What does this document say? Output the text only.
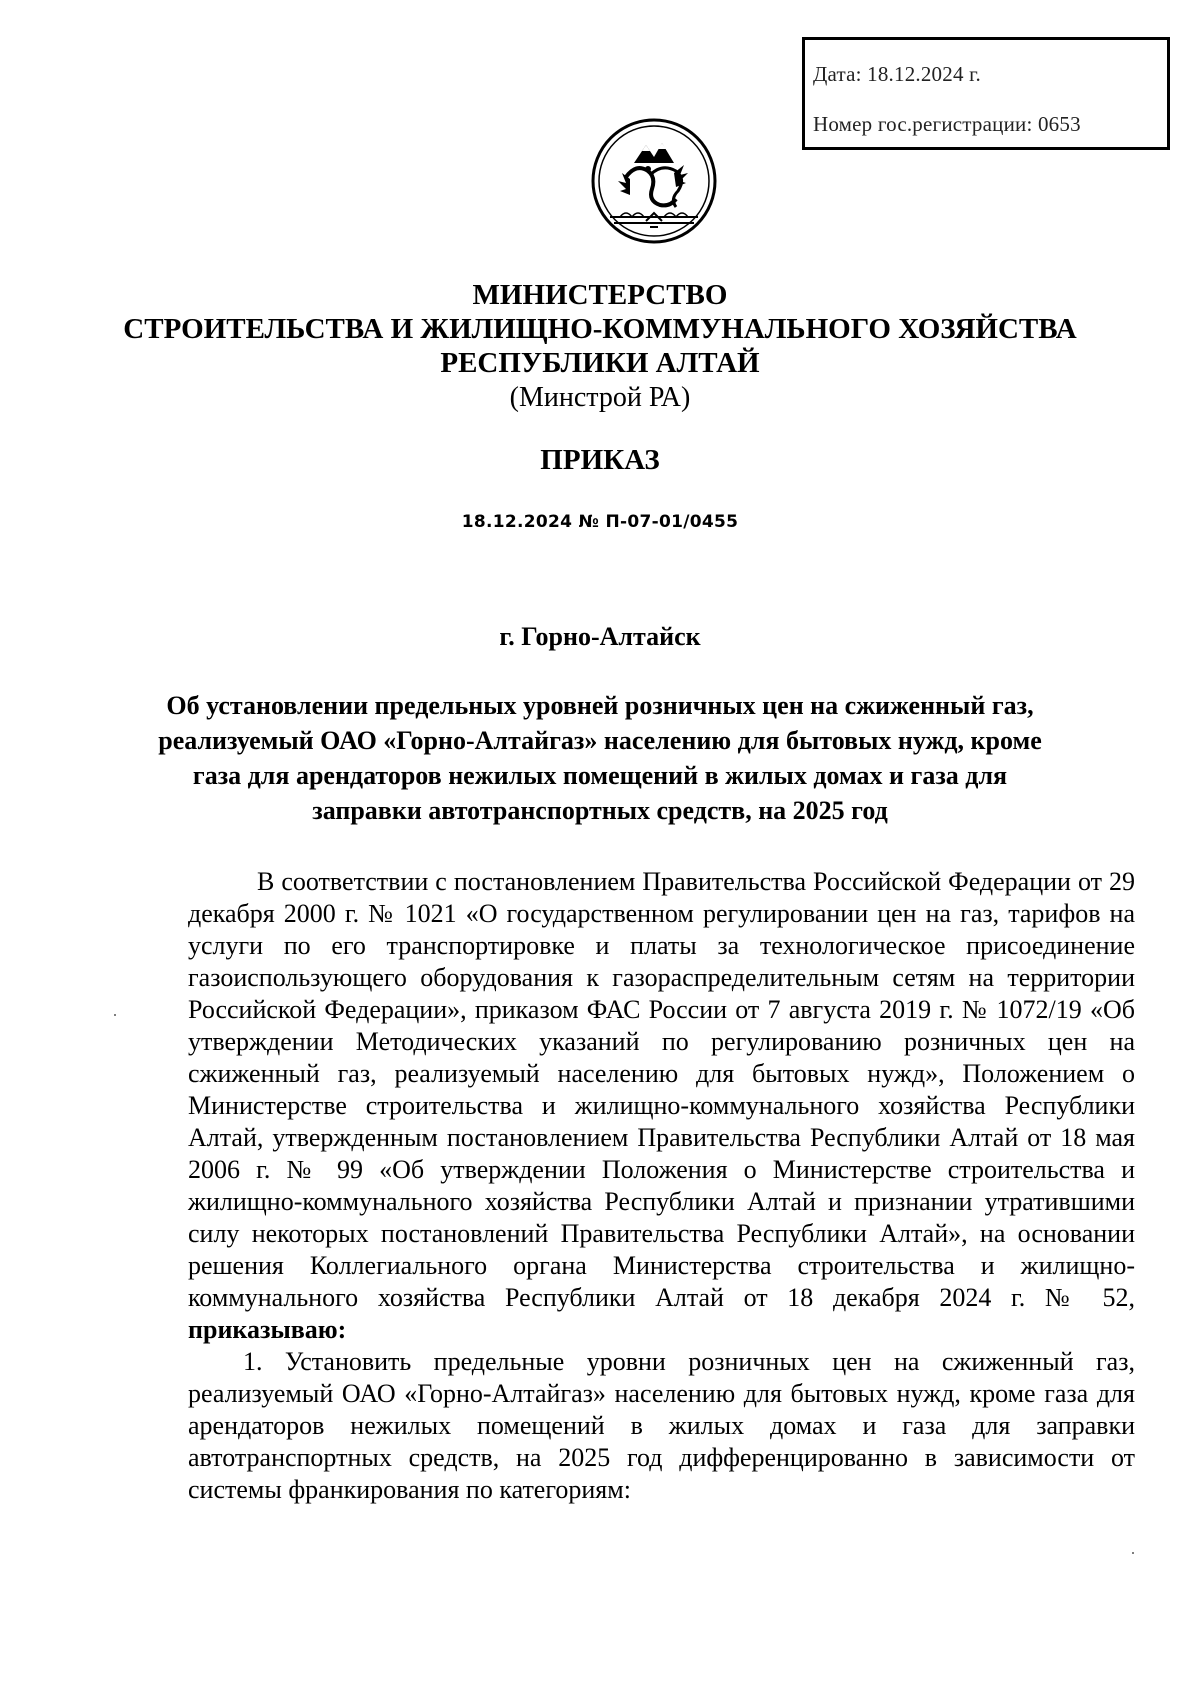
Дата: 18.12.2024 г.
Номер гос.регистрации: 0653
МИНИСТЕРСТВО
СТРОИТЕЛЬСТВА И ЖИЛИЩНО-КОММУНАЛЬНОГО ХОЗЯЙСТВА
РЕСПУБЛИКИ АЛТАЙ
(Минстрой РА)
ПРИКАЗ
18.12.2024 № П-07-01/0455
г. Горно-Алтайск
Об установлении предельных уровней розничных цен на сжиженный газ, реализуемый ОАО «Горно-Алтайгаз» населению для бытовых нужд, кроме газа для арендаторов нежилых помещений в жилых домах и газа для заправки автотранспортных средств, на 2025 год

В соответствии с постановлением Правительства Российской Федерации от 29 декабря 2000 г. № 1021 «О государственном регулировании цен на газ, тарифов на услуги по его транспортировке и платы за технологическое присоединение газоиспользующего оборудования к газораспределительным сетям на территории Российской Федерации», приказом ФАС России от 7 августа 2019 г. № 1072/19 «Об утверждении Методических указаний по регулированию розничных цен на сжиженный газ, реализуемый населению для бытовых нужд», Положением о Министерстве строительства и жилищно-коммунального хозяйства Республики Алтай, утвержденным постановлением Правительства Республики Алтай от 18 мая 2006 г. № 99 «Об утверждении Положения о Министерстве строительства и жилищно-коммунального хозяйства Республики Алтай и признании утратившими силу некоторых постановлений Правительства Республики Алтай», на основании решения Коллегиального органа Министерства строительства и жилищно-коммунального хозяйства Республики Алтай от 18 декабря 2024 г. № 52, приказываю:

1. Установить предельные уровни розничных цен на сжиженный газ, реализуемый ОАО «Горно-Алтайгаз» населению для бытовых нужд, кроме газа для арендаторов нежилых помещений в жилых домах и газа для заправки автотранспортных средств, на 2025 год дифференцированно в зависимости от системы франкирования по категориям:
